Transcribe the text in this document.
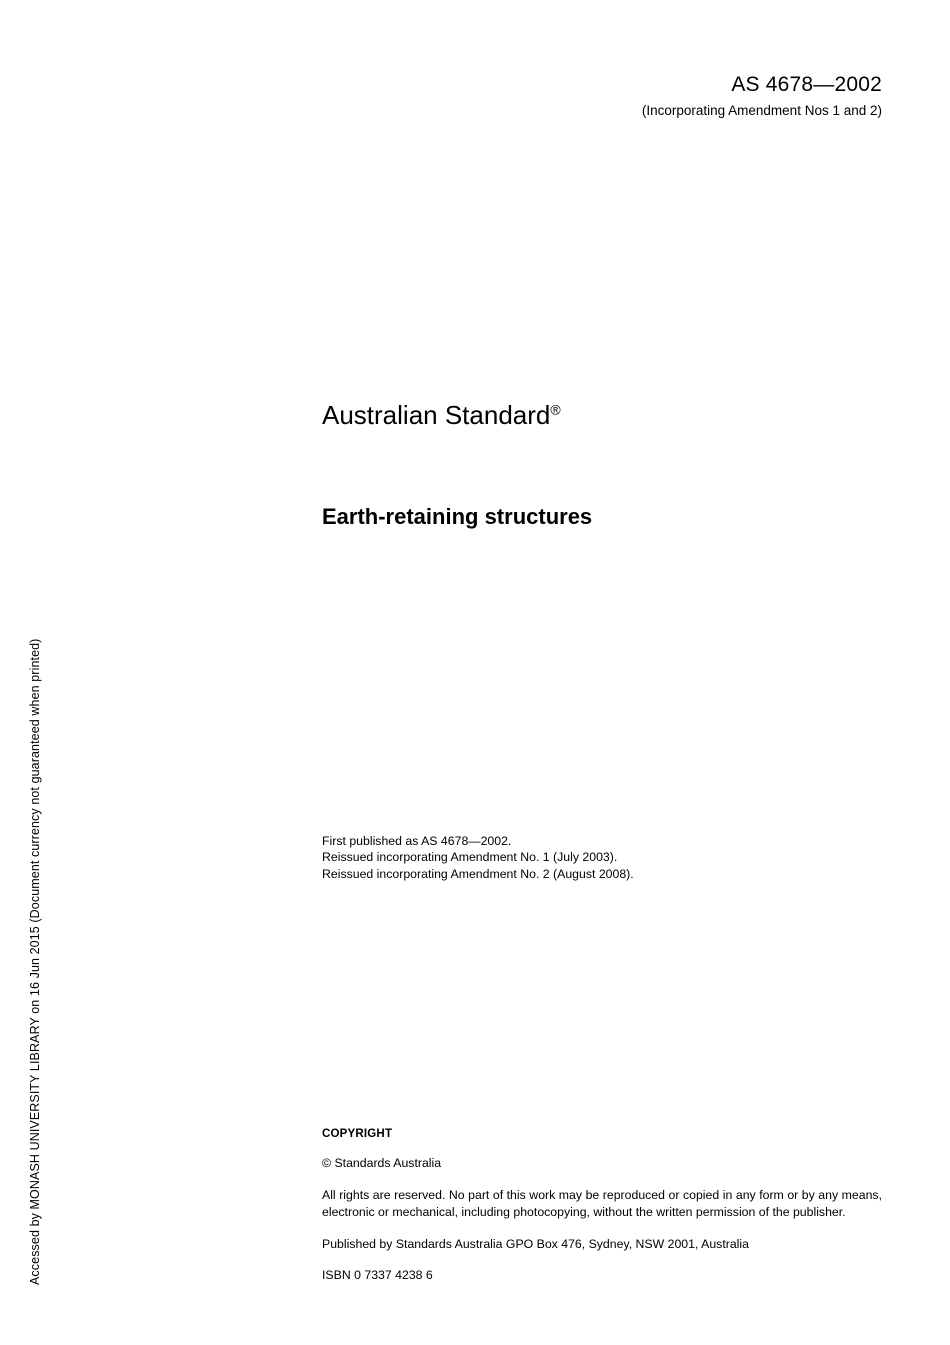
Accessed by MONASH UNIVERSITY LIBRARY on 16 Jun 2015 (Document currency not guaranteed when printed)
AS 4678—2002
(Incorporating Amendment Nos 1 and 2)
Australian Standard®
Earth-retaining structures
First published as AS 4678—2002.
Reissued incorporating Amendment No. 1 (July 2003).
Reissued incorporating Amendment No. 2 (August 2008).
COPYRIGHT
© Standards Australia
All rights are reserved. No part of this work may be reproduced or copied in any form or by any means, electronic or mechanical, including photocopying, without the written permission of the publisher.
Published by Standards Australia GPO Box 476, Sydney, NSW 2001, Australia
ISBN 0 7337 4238 6
